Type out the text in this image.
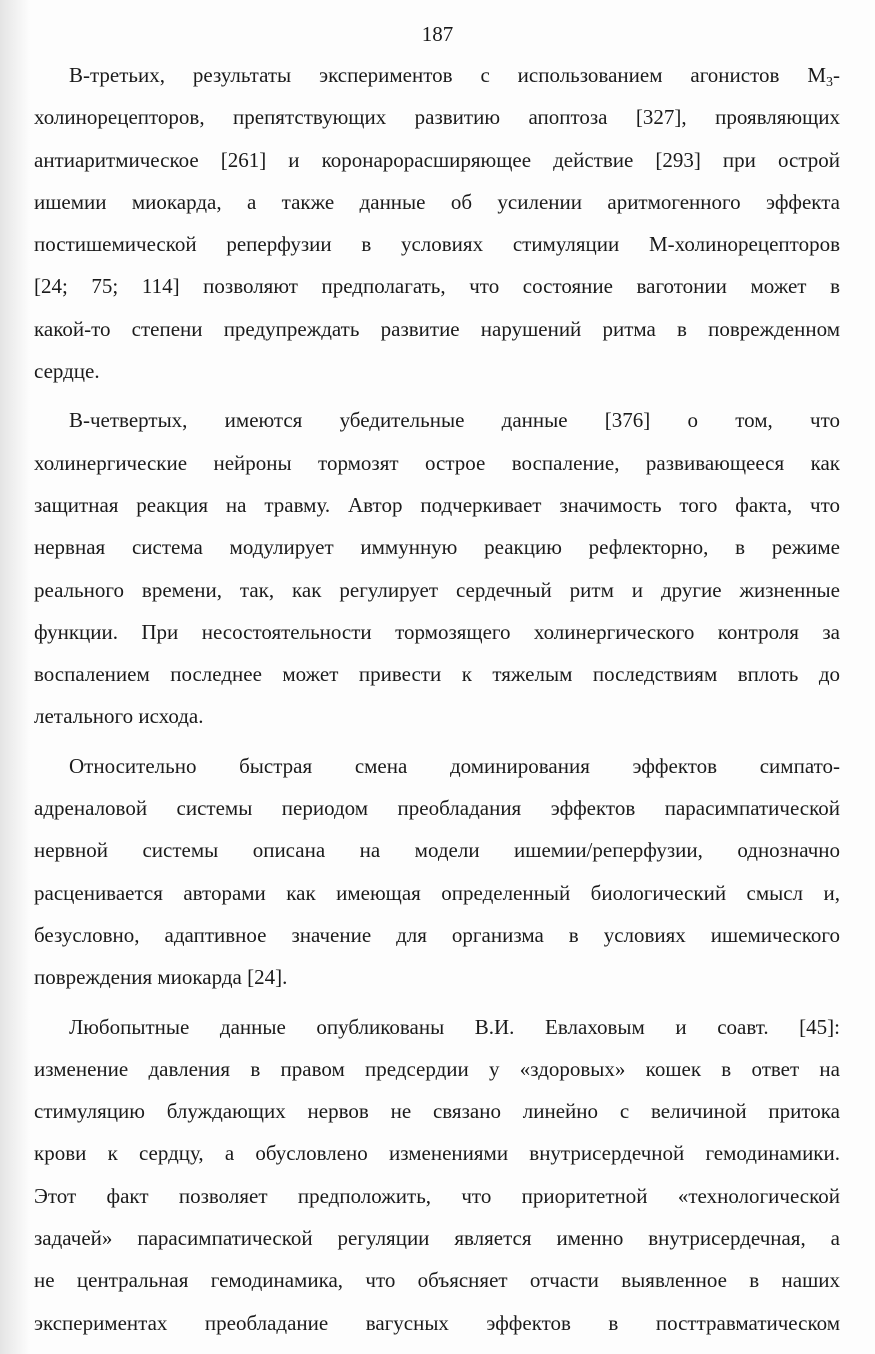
187

В-третьих, результаты экспериментов с использованием агонистов $М_3-$
холинорецепторов, препятствующих развитию апоптоза [327], проявляющих
антиаритмическое [261] и коронарорасширяющее действие [293] при острой
ишемии миокарда, а также данные об усилении аритмогенного эффекта
постишемической реперфузии в условиях стимуляции М-холинорецепторов
[24; 75; 114] позволяют предполагать, что состояние ваготонии может в
какой-то степени предупреждать развитие нарушений ритма в поврежденном
сердце.

В-четвертых, имеются убедительные данные [376] о том, что
холинергические нейроны тормозят острое воспаление, развивающееся как
защитная реакция на травму. Автор подчеркивает значимость того факта, что
нервная система модулирует иммунную реакцию рефлекторно, в режиме
реального времени, так, как регулирует сердечный ритм и другие жизненные
функции. При несостоятельности тормозящего холинергического контроля за
воспалением последнее может привести к тяжелым последствиям вплоть до
летального исхода.

Относительно быстрая смена доминирования эффектов симпато-
адреналовой системы периодом преобладания эффектов парасимпатической
нервной системы описана на модели ишемии/реперфузии, однозначно
расценивается авторами как имеющая определенный биологический смысл и,
безусловно, адаптивное значение для организма в условиях ишемического
повреждения миокарда [24].

Любопытные данные опубликованы В.И. Евлаховым и соавт. [45]:
изменение давления в правом предсердии у «здоровых» кошек в ответ на
стимуляцию блуждающих нервов не связано линейно с величиной притока
крови к сердцу, а обусловлено изменениями внутрисердечной гемодинамики.
Этот факт позволяет предположить, что приоритетной «технологической
задачей» парасимпатической регуляции является именно внутрисердечная, а
не центральная гемодинамика, что объясняет отчасти выявленное в наших
экспериментах преобладание вагусных эффектов в посттравматическом
